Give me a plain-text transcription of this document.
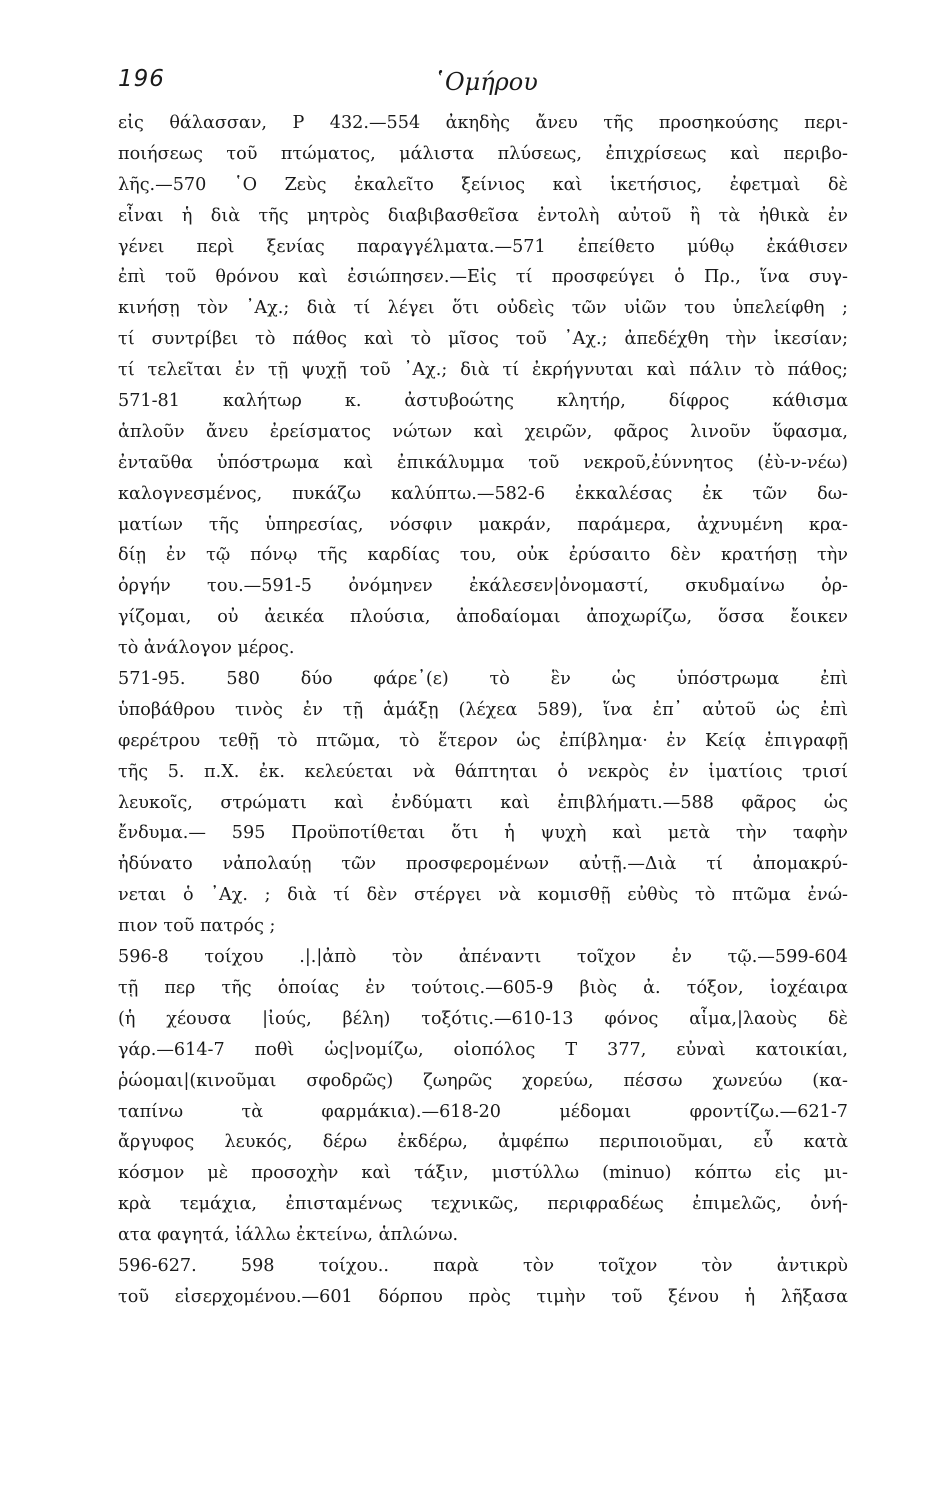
196	῾Ομήρου
εἰς θάλασσαν, Ρ 432.—554 ἀκηδὴς ἄνευ τῆς προσηκούσης περι-
ποιήσεως τοῦ πτώματος, μάλιστα πλύσεως, ἐπιχρίσεως καὶ περιβο-
λῆς.—570 ῾Ο Ζεὺς ἐκαλεῖτο ξείνιος καὶ ἱκετήσιος, ἐφετμαὶ δὲ
εἶναι ἡ διὰ τῆς μητρὸς διαβιβασθεῖσα ἐντολὴ αὐτοῦ ἢ τὰ ἠθικὰ ἐν
γένει περὶ ξενίας παραγγέλματα.—571 ἐπείθετο μύθῳ ἐκάθισεν
ἐπὶ τοῦ θρόνου καὶ ἐσιώπησεν.—Εἰς τί προσφεύγει ὁ Πρ., ἵνα συγ-
κινήσῃ τὸν ᾿Αχ.; διὰ τί λέγει ὅτι οὐδεὶς τῶν υἱῶν του ὑπελείφθη ;
τί συντρίβει τὸ πάθος καὶ τὸ μῖσος τοῦ ᾿Αχ.; ἀπεδέχθη τὴν ἱκεσίαν;
τί τελεῖται ἐν τῇ ψυχῇ τοῦ ᾿Αχ.; διὰ τί ἐκρήγνυται καὶ πάλιν τὸ πάθος;
571-81 καλήτωρ κ. ἀστυβοώτης κλητήρ, δίφρος κάθισμα
ἁπλοῦν ἄνευ ἐρείσματος νώτων καὶ χειρῶν, φᾶρος λινοῦν ὕφασμα,
ἐνταῦθα ὑπόστρωμα καὶ ἐπικάλυμμα τοῦ νεκροῦ,ἐύννητος (ἐὺ-ν-νέω)
καλογνεσμένος, πυκάζω καλύπτω.—582-6 ἐκκαλέσας ἐκ τῶν δω-
ματίων τῆς ὑπηρεσίας, νόσφιν μακράν, παράμερα, ἀχνυμένη κρα-
δίῃ ἐν τῷ πόνῳ τῆς καρδίας του, οὐκ ἐρύσαιτο δὲν κρατήσῃ τὴν
ὀργήν του.—591-5 ὀνόμηνεν ἐκάλεσεν|ὀνομαστί, σκυδμαίνω ὀρ-
γίζομαι, οὐ ἀεικέα πλούσια, ἀποδαίομαι ἀποχωρίζω, ὅσσα ἔοικεν
τὸ ἀνάλογον μέρος.
571-95. 580 δύο φάρε᾿(ε) τὸ ἓν ὡς ὑπόστρωμα ἐπὶ
ὑποβάθρου τινὸς ἐν τῇ ἁμάξῃ (λέχεα 589), ἵνα ἐπ᾿ αὐτοῦ ὡς ἐπὶ
φερέτρου τεθῇ τὸ πτῶμα, τὸ ἕτερον ὡς ἐπίβλημα· ἐν Κείᾳ ἐπιγραφῇ
τῆς 5. π.Χ. ἐκ. κελεύεται νὰ θάπτηται ὁ νεκρὸς ἐν ἱματίοις τρισί
λευκοῖς, στρώματι καὶ ἐνδύματι καὶ ἐπιβλήματι.—588 φᾶρος ὡς
ἔνδυμα.— 595 Προϋποτίθεται ὅτι ἡ ψυχὴ καὶ μετὰ τὴν ταφὴν
ἠδύνατο νἀπολαύῃ τῶν προσφερομένων αὐτῇ.—Διὰ τί ἀπομακρύ-
νεται ὁ ᾿Αχ. ; διὰ τί δὲν στέργει νὰ κομισθῇ εὐθὺς τὸ πτῶμα ἐνώ-
πιον τοῦ πατρός ;
596-8 τοίχου .|.|ἀπὸ τὸν ἀπέναντι τοῖχον ἐν τῷ.—599-604
τῇ περ τῆς ὁποίας ἐν τούτοις.—605-9 βιὸς ἀ. τόξον, ἰοχέαιρα
(ἡ χέουσα |ἰούς, βέλη) τοξότις.—610-13 φόνος αἷμα,|λαοὺς δὲ
γάρ.—614-7 ποθὶ ὡς|νομίζω, οἰοπόλος Τ 377, εὐναὶ κατοικίαι,
ῥώομαι|(κινοῦμαι σφοδρῶς) ζωηρῶς χορεύω, πέσσω χωνεύω (κα-
ταπίνω τὰ φαρμάκια).—618-20 μέδομαι φροντίζω.—621-7
ἄργυφος λευκός, δέρω ἐκδέρω, ἀμφέπω περιποιοῦμαι, εὖ κατὰ
κόσμον μὲ προσοχὴν καὶ τάξιν, μιστύλλω (minuo) κόπτω εἰς μι-
κρὰ τεμάχια, ἐπισταμένως τεχνικῶς, περιφραδέως ἐπιμελῶς, ὀνή-
ατα φαγητά, ἰάλλω ἐκτείνω, ἁπλώνω.
596-627. 598 τοίχου.. παρὰ τὸν τοῖχον τὸν ἀντικρὺ
τοῦ εἰσερχομένου.—601 δόρπου πρὸς τιμὴν τοῦ ξένου ἡ λῆξασα
